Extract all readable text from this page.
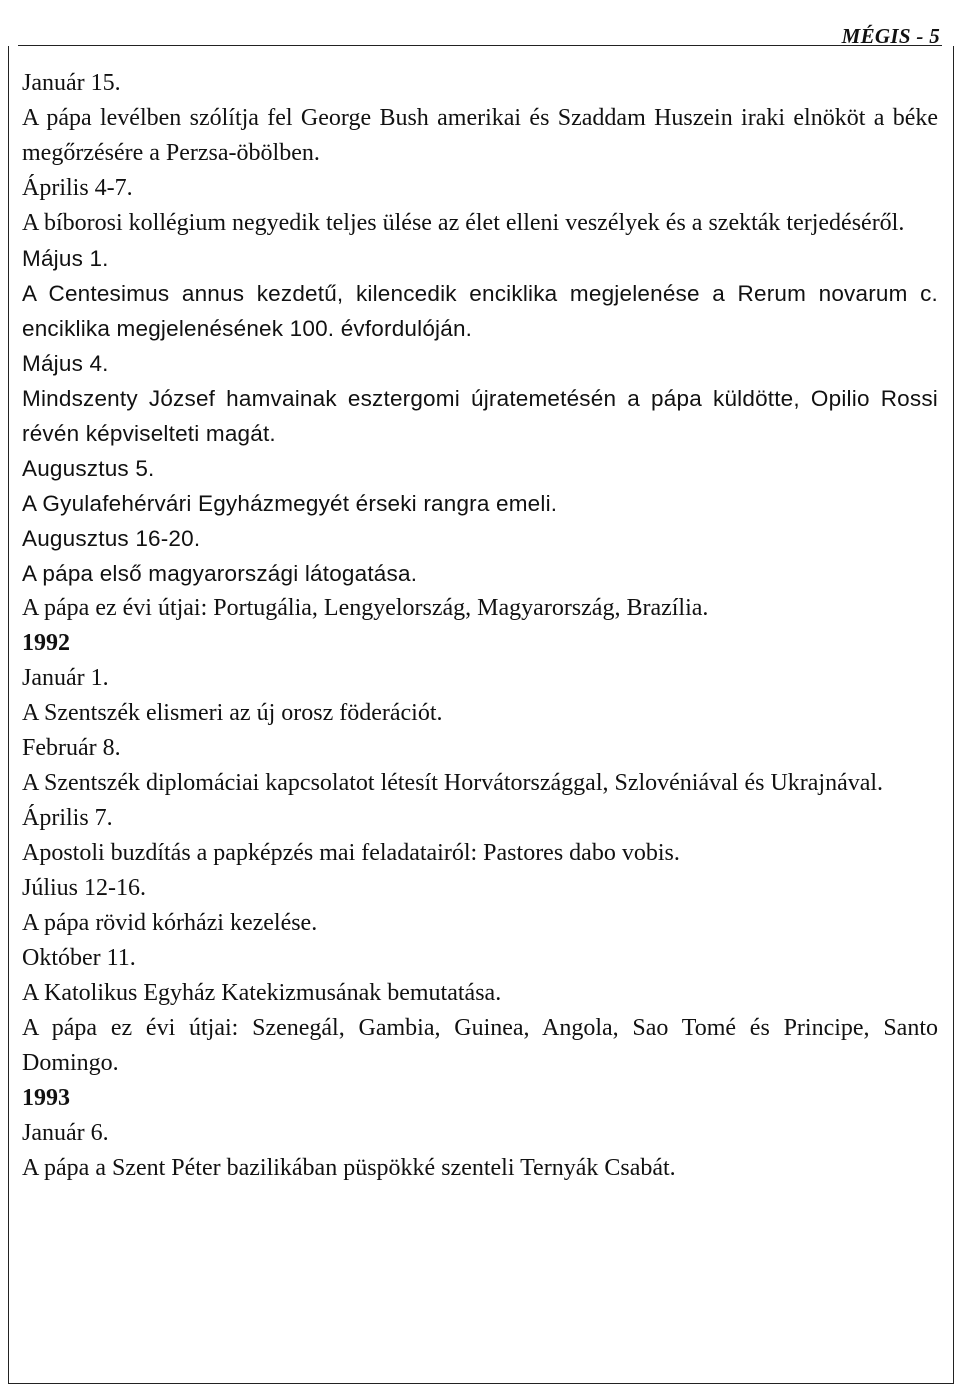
MÉGIS - 5
Január 15.
A pápa levélben szólítja fel George Bush amerikai és Szaddam Huszein iraki elnököt a béke megőrzésére a Perzsa-öbölben.
Április 4-7.
A bíborosi kollégium negyedik teljes ülése az élet elleni veszélyek és a szekták terjedéséről.
Május 1.
A Centesimus annus kezdetű, kilencedik enciklika megjelenése a Rerum novarum c. enciklika megjelenésének 100. évfordulóján.
Május 4.
Mindszenty József hamvainak esztergomi újratemetésén a pápa küldötte, Opilio Rossi révén képviselteti magát.
Augusztus 5.
A Gyulafehérvári Egyházmegyét érseki rangra emeli.
Augusztus 16-20.
A pápa első magyarországi látogatása.
A pápa ez évi útjai: Portugália, Lengyelország, Magyarország, Brazília.
1992
Január 1.
A Szentszék elismeri az új orosz föderációt.
Február 8.
A Szentszék diplomáciai kapcsolatot létesít Horvátországgal, Szlovéniával és Ukrajnával.
Április 7.
Apostoli buzdítás a papképzés mai feladatairól: Pastores dabo vobis.
Július 12-16.
A pápa rövid kórházi kezelése.
Október 11.
A Katolikus Egyház Katekizmusának bemutatása.
A pápa ez évi útjai: Szenegál, Gambia, Guinea, Angola, Sao Tomé és Principe, Santo Domingo.
1993
Január 6.
A pápa a Szent Péter bazilikában püspökké szenteli Ternyák Csabát.
